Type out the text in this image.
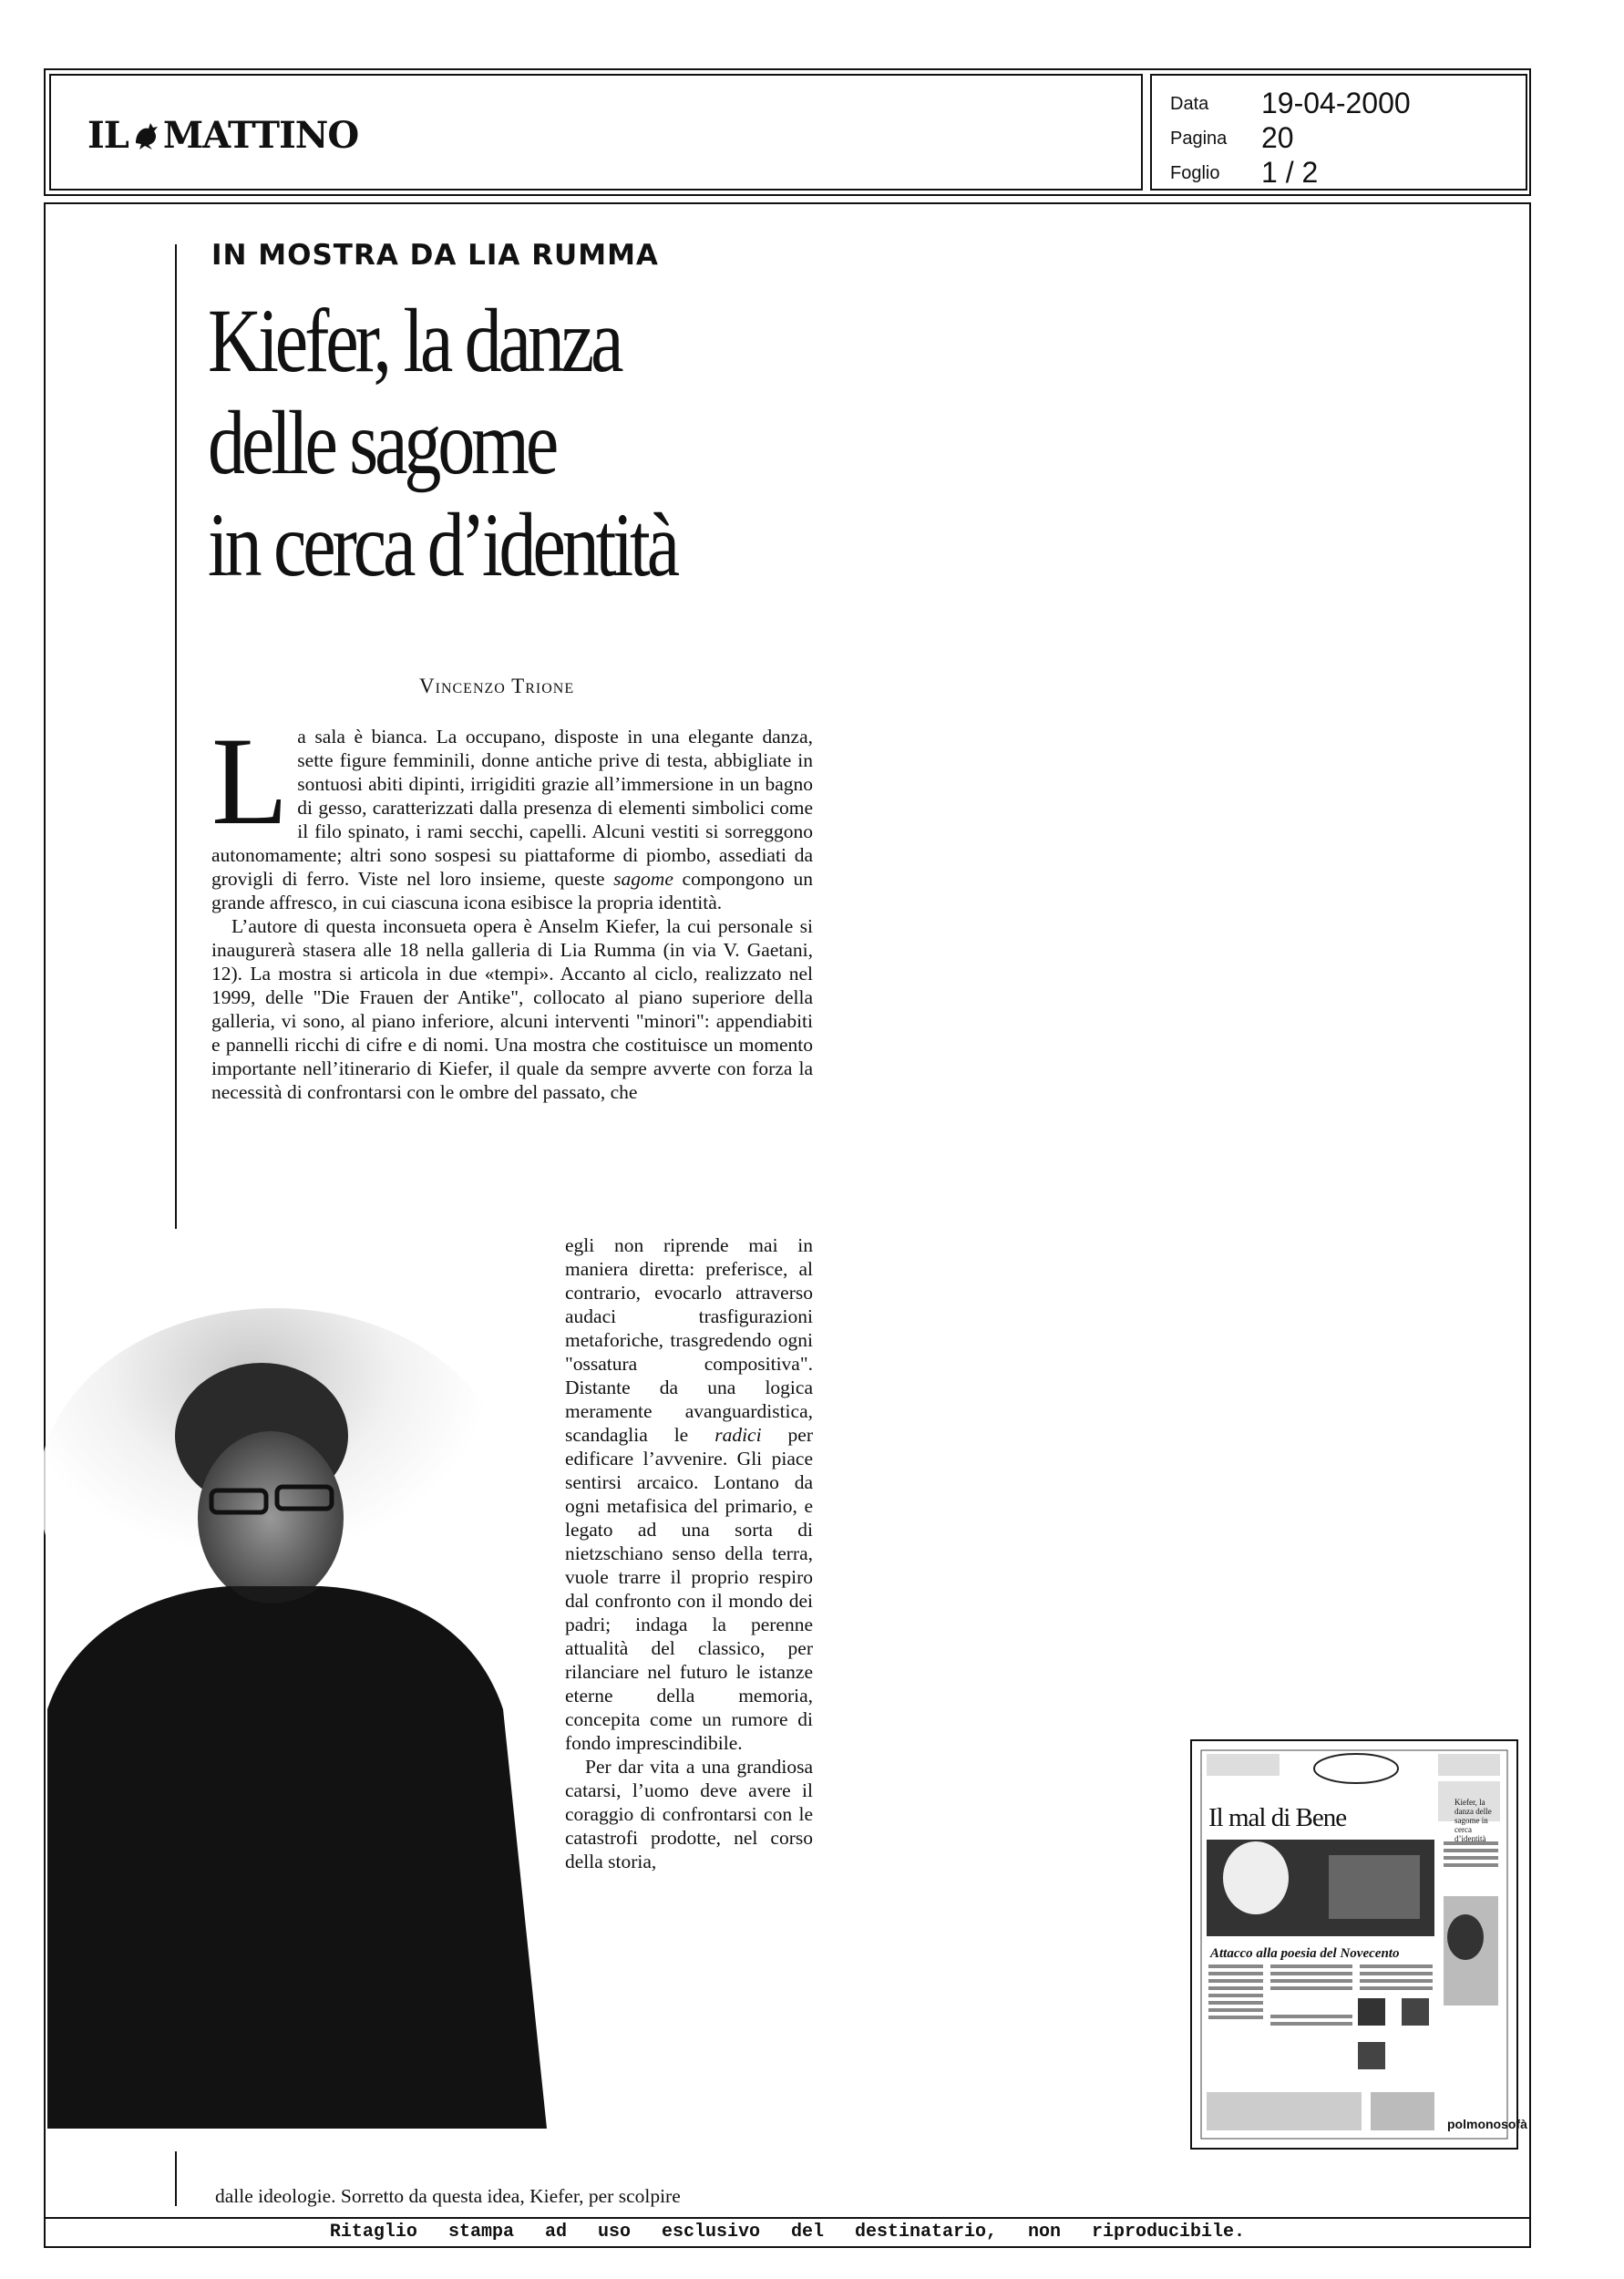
IL MATTINO
Data	19-04-2000
Pagina	20
Foglio	1 / 2
IN MOSTRA DA LIA RUMMA
Kiefer, la danza
delle sagome
in cerca d’identità
Vincenzo Trione
L a sala è bianca. La occupano, disposte in una elegante danza, sette figure femminili, donne antiche prive di testa, abbigliate in sontuosi abiti dipinti, irrigiditi grazie all’immersione in un bagno di gesso, caratterizzati dalla presenza di elementi simbolici come il filo spinato, i rami secchi, capelli. Alcuni vestiti si sorreggono autonomamente; altri sono sospesi su piattaforme di piombo, assediati da grovigli di ferro. Viste nel loro insieme, queste sagome compongono un grande affresco, in cui ciascuna icona esibisce la propria identità.

L’autore di questa inconsueta opera è Anselm Kiefer, la cui personale si inaugurerà stasera alle 18 nella galleria di Lia Rumma (in via V. Gaetani, 12). La mostra si articola in due «tempi». Accanto al ciclo, realizzato nel 1999, delle "Die Frauen der Antike", collocato al piano superiore della galleria, vi sono, al piano inferiore, alcuni interventi "minori": appendiabiti e pannelli ricchi di cifre e di nomi. Una mostra che costituisce un momento importante nell’itinerario di Kiefer, il quale da sempre avverte con forza la necessità di confrontarsi con le ombre del passato, che

egli non riprende mai in maniera diretta: preferisce, al contrario, evocarlo attraverso audaci trasfigurazioni metaforiche, trasgredendo ogni "ossatura compositiva". Distante da una logica meramente avanguardistica, scandaglia le radici per edificare l’avvenire. Gli piace sentirsi arcaico. Lontano da ogni metafisica del primario, e legato ad una sorta di nietzschiano senso della terra, vuole trarre il proprio respiro dal confronto con il mondo dei padri; indaga la perenne attualità del classico, per rilanciare nel futuro le istanze eterne della memoria, concepita come un rumore di fondo imprescindibile.

Per dar vita a una grandiosa catarsi, l’uomo deve avere il coraggio di confrontarsi con le catastrofi prodotte, nel corso della storia,

dalle ideologie. Sorretto da questa idea, Kiefer, per scolpire
Il mal di Bene
Attacco alla poesia del Novecento
Kiefer, la danza delle sagome in cerca d’identità
polmonosofà
Ritaglio stampa ad uso esclusivo del destinatario, non riproducibile.
